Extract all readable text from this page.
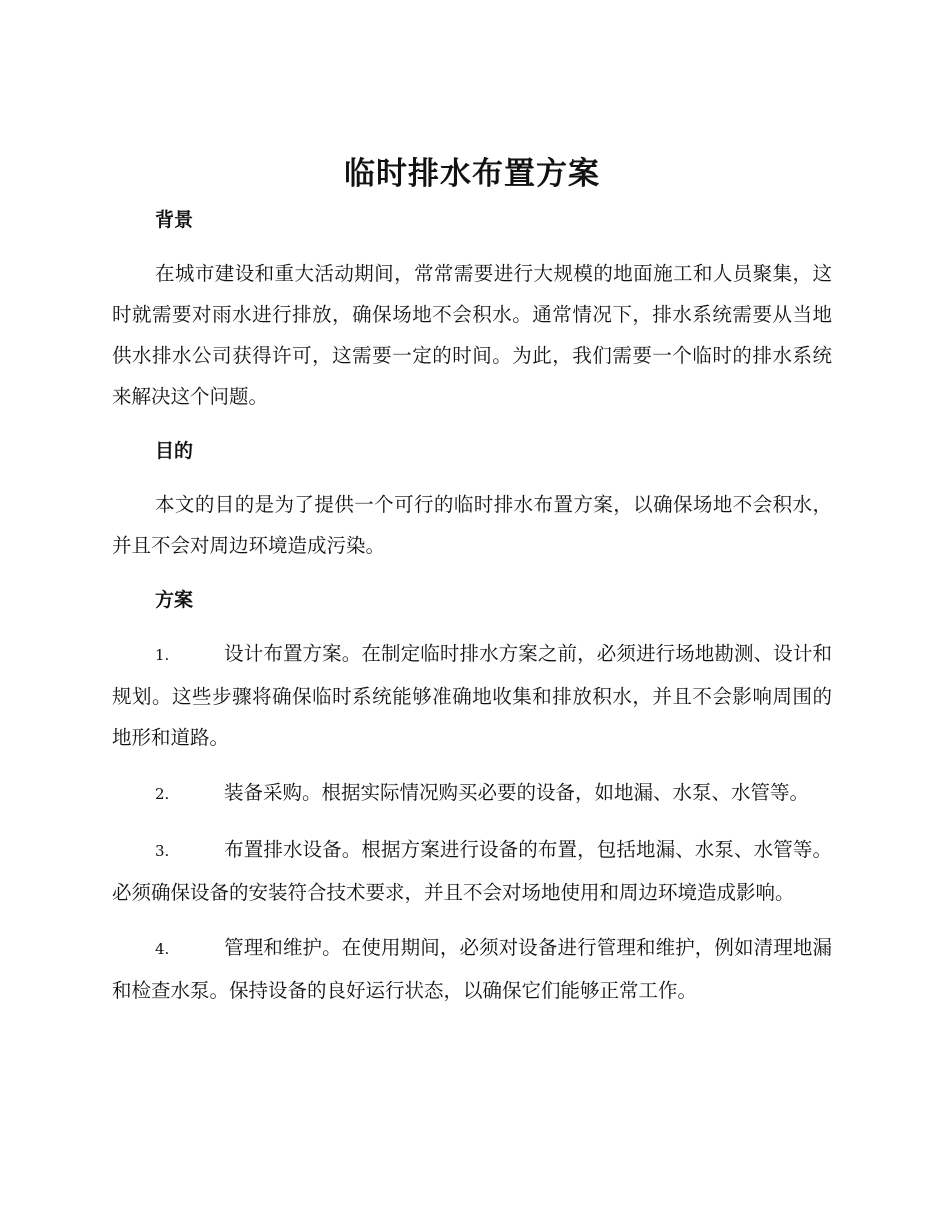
临时排水布置方案
背景

在城市建设和重大活动期间，常常需要进行大规模的地面施工和人员聚集，这时就需要对雨水进行排放，确保场地不会积水。通常情况下，排水系统需要从当地供水排水公司获得许可，这需要一定的时间。为此，我们需要一个临时的排水系统来解决这个问题。

目的

本文的目的是为了提供一个可行的临时排水布置方案，以确保场地不会积水，并且不会对周边环境造成污染。

方案

1.	设计布置方案。在制定临时排水方案之前，必须进行场地勘测、设计和规划。这些步骤将确保临时系统能够准确地收集和排放积水，并且不会影响周围的地形和道路。

2.	装备采购。根据实际情况购买必要的设备，如地漏、水泵、水管等。

3.	布置排水设备。根据方案进行设备的布置，包括地漏、水泵、水管等。必须确保设备的安装符合技术要求，并且不会对场地使用和周边环境造成影响。

4.	管理和维护。在使用期间，必须对设备进行管理和维护，例如清理地漏和检查水泵。保持设备的良好运行状态，以确保它们能够正常工作。
